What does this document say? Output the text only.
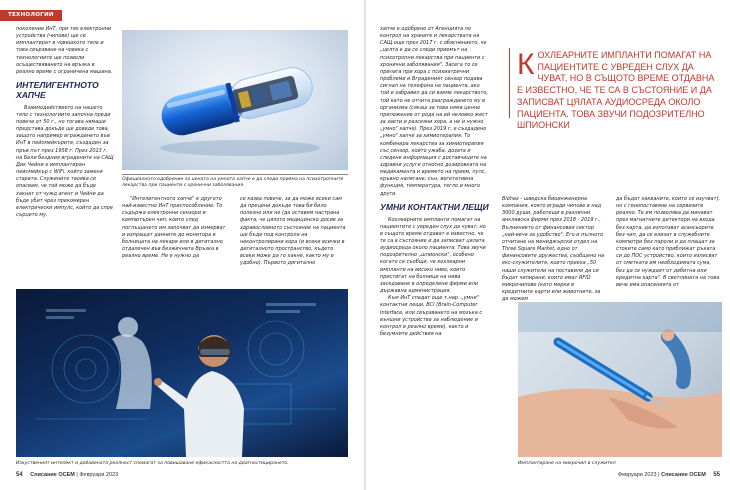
ТЕХНОЛОГИИ

поколение ИнТ, при тях електронни устройства (чипове) ще се имплантират в човешкото тяло и това свързване на човека с технологиите ще позволи осъществяването на връзка в реално време с ограничена машина.

ИНТЕЛИГЕНТНОТО ХАПЧЕ

Взаимодействието на нашето тяло с технологиите започна преди повече от 50 г., но тогава нямаше представа докъде ще доведе това, защото например вграждането във ИнТ в пейсмейкърите, създаден за пръв път през 1958 г. През 2013 г. на Бели бездния вградените на САЩ Дик Чейни е имплантиран пейсмейкър с WiFi, който заменя старата. Служените таоява се опасвам, че той може да бъде хакнат от чужд агент и Чейни да бъде убит чрез прекомерен електрически импулс, който да спре сърцето му.

Официалното одобрение за цената на умното хапче е да следи приема на психотропните лекарства при пациенти с хронични заболявания.

"Интелигентното хапче" е другото най-известно ИнТ приспособление. То съдържа електронни сензори и компютърен чип, които след поглъщането им започват да измерват и изпращат данните до монитора в болницата на лекаря или в дигитално отдалечен във безжичната Връзка в реално време. Не е нужно да

се казва повече, за да може всеки сам да прецени докъде това би било полезно или не (да оставим настрана факта, че цялото медицинско досие за здравословното състояние на пациента ще бъде под контрола на неконтролирани хора (и всеки всички в дигиталното пространство, където всеки може да го хакне, както му е удобно). Първото дигитално

Изкуственият интелект и добавената реалност спомагат за повишаване ефикасността на диагностицирането.
54 Списание ОСЕМ | Февруари 2023

хапче е одобрено от Агенцията по контрол на храните и лекарствата на САЩ още през 2017 г. с обяснението, че „целта е да се следи приемът на психотропни лекарства при пациенти с хронични заболявания". Засега то се прилага при хора с психиатрични проблеми и Вграденият сензор подава сигнал на телефона на пациента, ако той е забравил да си вземе лекарството, той като не отчита разграждането му в организма (сякаш за това няма ценно приложение от рода на ей неловко жест за заети и разсеяни хора, а не и нужно „умно" хапче). През 2019 г. е създадено „умно" хапче за химиотерапия. То комбинира лекарства за химиотерапия със сензор, който ужаба, дозата и следене информация с доставчиците на здравни услуги относно дозировката на медикамента и времето на прием, пулс, кръвно налягане, сън, вегетативна функция, температура, тегло и много други.

УМНИ КОНТАКТНИ ЛЕЩИ

Кохлеарните импланти помагат на пациентите с увреден слух да чуват, но в същото време отдават е известно, че те са в състояние и да записват цялата аудиосреда около пациента. Това звучи подозрително „шпионски", особено когато се съобщи, че кохлеарни импланти на високо ниво, които пристигат на болници на нива заседаване в определени фирми или държавна администрация.

Към ИнТ спадат още т.нар. „умни" контактни лещи, BCI (Brain-Computer Interface, или свързването на мозъка с външни устройства за наблюдение и контрол в реално време), както и безумните действия на

Biohax - шведска биоинженерна компания, която вгради чипове в над 3000 души, работещи в различни анклавска фирми през 2018 - 2019 г., Вълнението от финансовия сектор „най-вече за удобство". Его и пълното отчитане на мениджърски отдел на Three Square Market, едно от финансовите дружества, съобщено на екс-служителите, които приеха „50 наши служители на поставили да си бъдат чипирани, които имат RFID микрочипове (като мерки в кредитните карти или животните, за да можем

да бъдат хакваните, които се изучват), но с генопоставяне на сервизите реално. Те им позволява да минават през магнитните детектори на входа без карта, да използват асансьорите без чип, да се влизат в служебните компютри без пароли и да плащат за стоките само като приближат ръката си до ПОС устройство, които изписват от сметката им необходимата сума, без да се нуждаят от дебитна или кредитна карта". В светлината на това вече има опасенията от

Имплантиране на микрочип в служител
Февруари 2023 | Списание ОСЕМ 55
КОХЛЕАРНИТЕ ИМПЛАНТИ ПОМАГАТ НА ПАЦИЕНТИТЕ С УВРЕДЕН СЛУХ ДА ЧУВАТ, НО В СЪЩОТО ВРЕМЕ ОТДАВНА Е ИЗВЕСТНО, ЧЕ ТЕ СА В СЪСТОЯНИЕ И ДА ЗАПИСВАТ ЦЯЛАТА АУДИОСРЕДА ОКОЛО ПАЦИЕНТА. ТОВА ЗВУЧИ ПОДОЗРИТЕЛНО ШПИОНСКИ
